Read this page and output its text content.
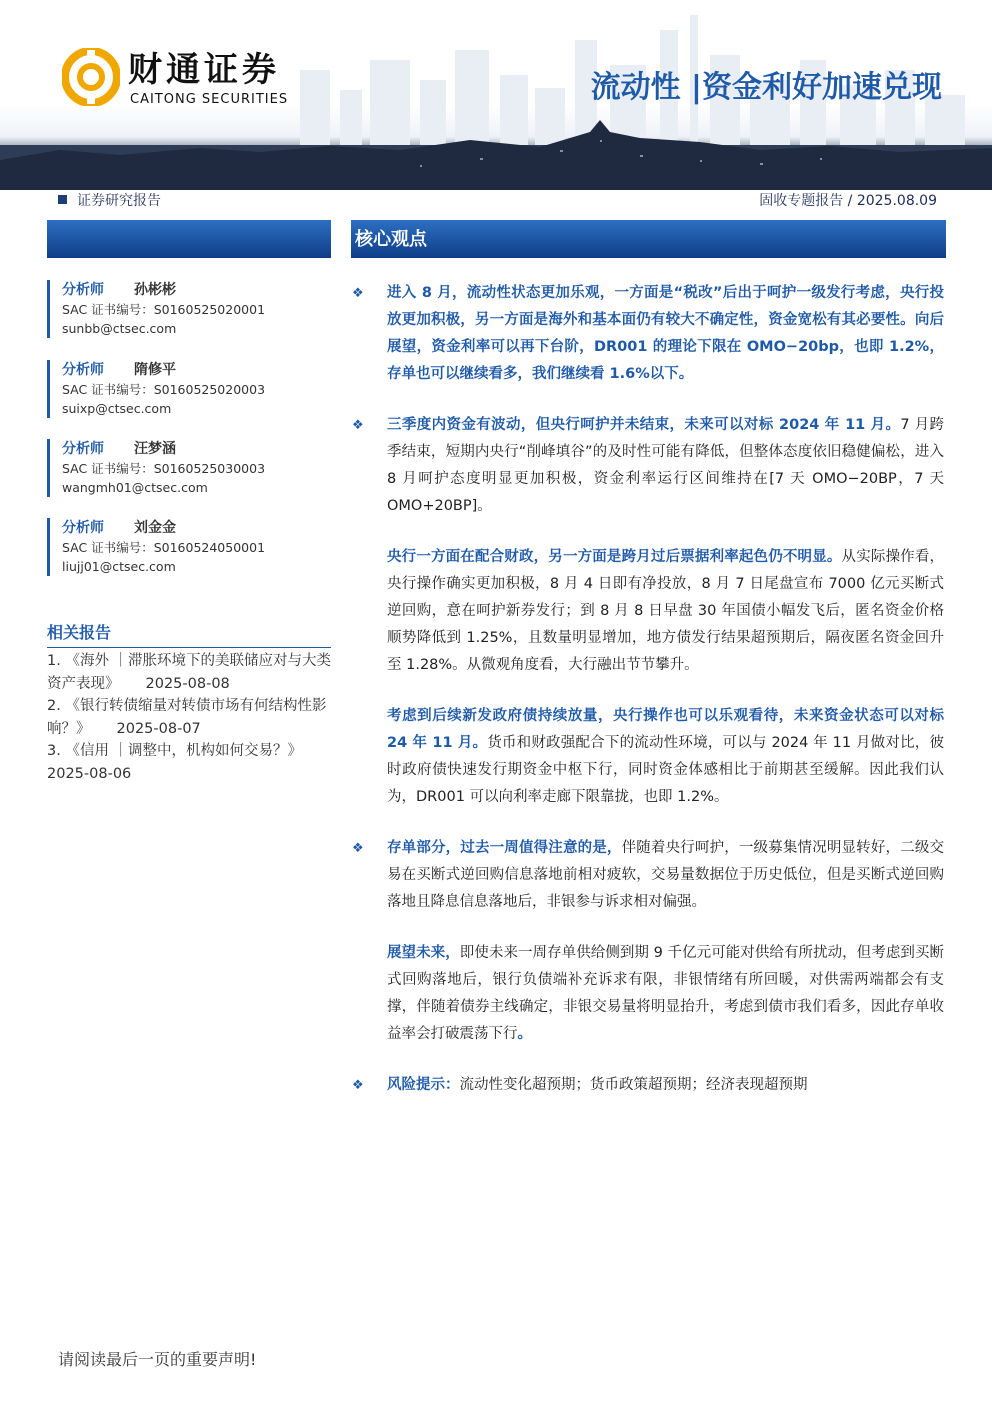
财通证券
CAITONG SECURITIES	流动性 |资金利好加速兑现
证券研究报告	固收专题报告 / 2025.08.09
分析师 孙彬彬
SAC 证书编号：S0160525020001
sunbb@ctsec.com
分析师 隋修平
SAC 证书编号：S0160525020003
suixp@ctsec.com
分析师 汪梦涵
SAC 证书编号：S0160525030003
wangmh01@ctsec.com
分析师 刘金金
SAC 证书编号：S0160524050001
liujj01@ctsec.com
相关报告
1. 《海外 ｜滞胀环境下的美联储应对与大类资产表现》 2025-08-08
2. 《银行转债缩量对转债市场有何结构性影响？》 2025-08-07
3. 《信用 ｜调整中，机构如何交易？》 2025-08-06
核心观点

❖ 进入 8 月，流动性状态更加乐观，一方面是“税改”后出于呵护一级发行考虑，央行投放更加积极，另一方面是海外和基本面仍有较大不确定性，资金宽松有其必要性。向后展望，资金利率可以再下台阶，DR001 的理论下限在 OMO−20bp，也即 1.2%，存单也可以继续看多，我们继续看 1.6%以下。

❖ 三季度内资金有波动，但央行呵护并未结束，未来可以对标 2024 年 11 月。7 月跨季结束，短期内央行“削峰填谷”的及时性可能有降低，但整体态度依旧稳健偏松，进入 8 月呵护态度明显更加积极，资金利率运行区间维持在[7 天 OMO−20BP，7 天 OMO+20BP]。

央行一方面在配合财政，另一方面是跨月过后票据利率起色仍不明显。从实际操作看，央行操作确实更加积极，8 月 4 日即有净投放，8 月 7 日尾盘宣布 7000 亿元买断式逆回购，意在呵护新券发行；到 8 月 8 日早盘 30 年国债小幅发飞后，匿名资金价格顺势降低到 1.25%，且数量明显增加，地方债发行结果超预期后，隔夜匿名资金回升至 1.28%。从微观角度看，大行融出节节攀升。

考虑到后续新发政府债持续放量，央行操作也可以乐观看待，未来资金状态可以对标 24 年 11 月。货币和财政强配合下的流动性环境，可以与 2024 年 11 月做对比，彼时政府债快速发行期资金中枢下行，同时资金体感相比于前期甚至缓解。因此我们认为，DR001 可以向利率走廊下限靠拢，也即 1.2%。

❖ 存单部分，过去一周值得注意的是，伴随着央行呵护，一级募集情况明显转好，二级交易在买断式逆回购信息落地前相对疲软，交易量数据位于历史低位，但是买断式逆回购落地且降息信息落地后，非银参与诉求相对偏强。

展望未来，即使未来一周存单供给侧到期 9 千亿元可能对供给有所扰动，但考虑到买断式回购落地后，银行负债端补充诉求有限，非银情绪有所回暖，对供需两端都会有支撑，伴随着债券主线确定，非银交易量将明显抬升，考虑到债市我们看多，因此存单收益率会打破震荡下行。

❖ 风险提示：流动性变化超预期；货币政策超预期；经济表现超预期

请阅读最后一页的重要声明!
